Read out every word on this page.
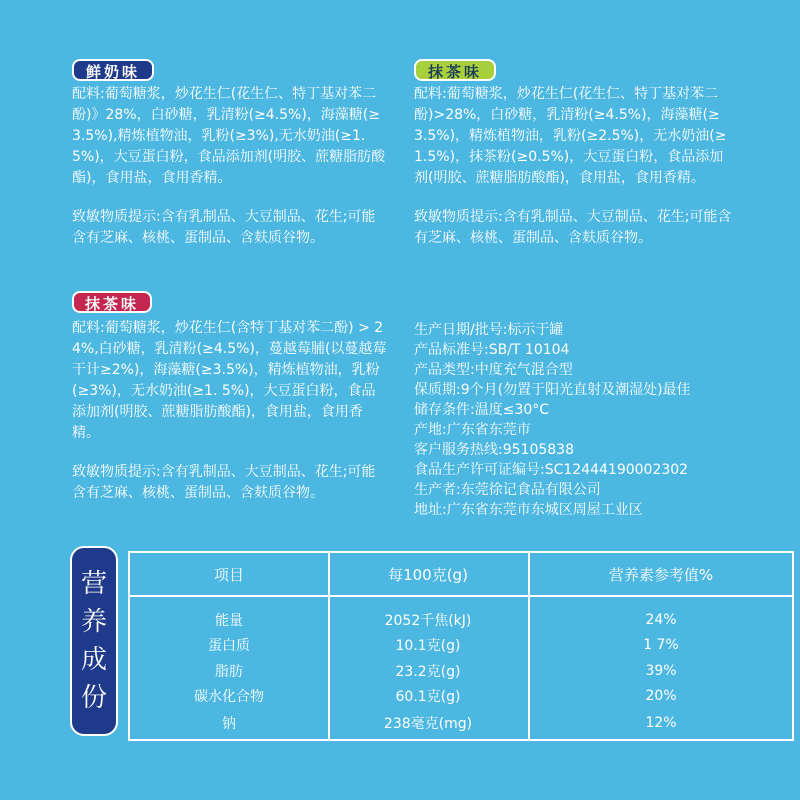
鲜奶味

配料:葡萄糖浆，炒花生仁(花生仁、特丁基对苯二酚)》28%，白砂糖，乳清粉(≥4.5%)，海藻糖(≥3.5%),精炼植物油，乳粉(≥3%),无水奶油(≥1.5%)，大豆蛋白粉，食品添加剂(明胶、蔗糖脂肪酸酯)，食用盐，食用香精。

致敏物质提示:含有乳制品、大豆制品、花生;可能含有芝麻、核桃、蛋制品、含麸质谷物。

抹茶味

配料:葡萄糖浆，炒花生仁(花生仁、特丁基对苯二酚)>28%，白砂糖，乳清粉(≥4.5%)，海藻糖(≥3.5%)，精炼植物油，乳粉(≥2.5%)，无水奶油(≥1.5%)，抹茶粉(≥0.5%)，大豆蛋白粉，食品添加剂(明胶、蔗糖脂肪酸酯)，食用盐，食用香精。

致敏物质提示:含有乳制品、大豆制品、花生;可能含有芝麻、核桃、蛋制品、含麸质谷物。

抹茶味

配料:葡萄糖浆，炒花生仁(含特丁基对苯二酚) > 24%,白砂糖，乳清粉(≥4.5%)，蔓越莓脯(以蔓越莓干计≥2%)，海藻糖(≥3.5%)，精炼植物油，乳粉(≥3%)，无水奶油(≥1. 5%)，大豆蛋白粉，食品添加剂(明胶、蔗糖脂肪酸酯)，食用盐，食用香精。

致敏物质提示:含有乳制品、大豆制品、花生;可能含有芝麻、核桃、蛋制品、含麸质谷物。

生产日期/批号:标示于罐

产品标准号:SB/T 10104

产品类型:中度充气混合型

保质期:9个月(勿置于阳光直射及潮湿处)最佳

储存条件:温度≤30°C

产地:广东省东莞市

客户服务热线:95105838

食品生产许可证编号:SC12444190002302

生产者:东莞徐记食品有限公司

地址:广东省东莞市东城区周屋工业区

营
养
成
份
项目	每100克(g)	营养素参考值%
能量	2052千焦(kJ)	24%
蛋白质	10.1克(g)	1 7%
脂肪	23.2克(g)	39%
碳水化合物	60.1克(g)	20%
钠	238毫克(mg)	12%
